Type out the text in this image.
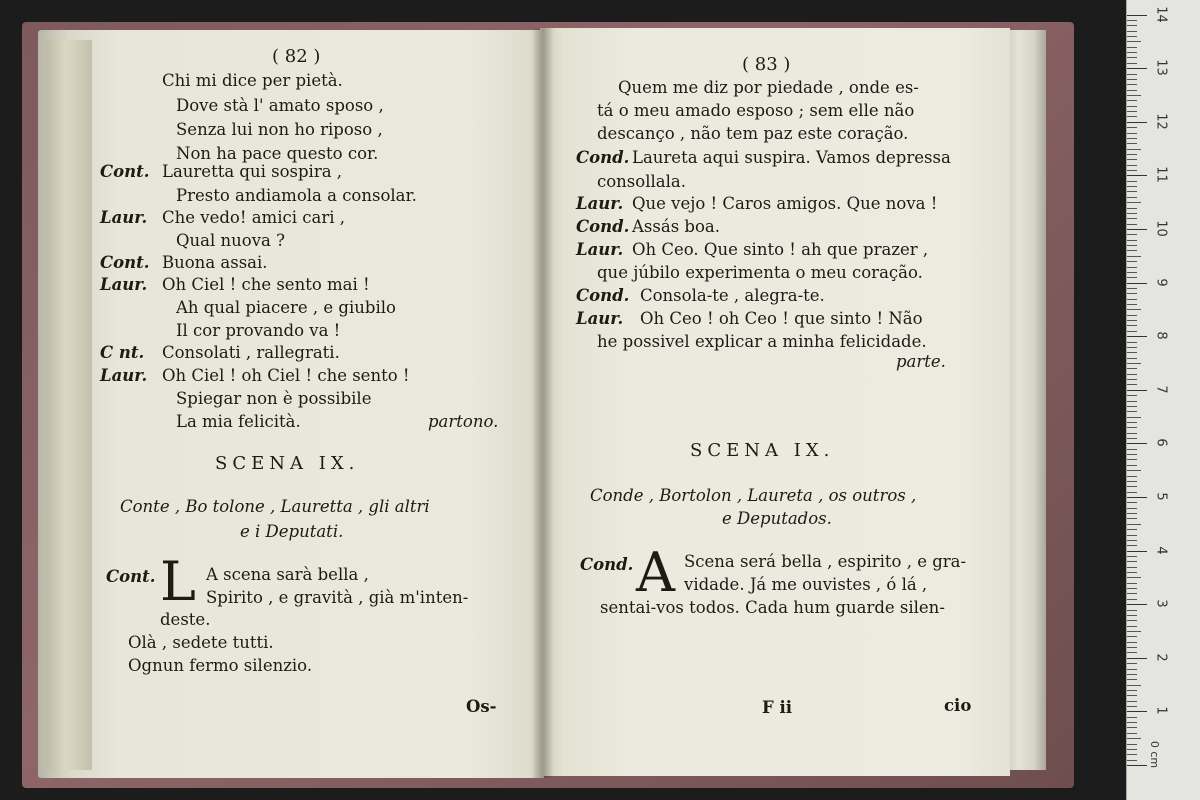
( 82 )
Chi mi dice per pietà.
Dove stà l' amato sposo ,
Senza lui non ho riposo ,
Non ha pace questo cor.
Cont. Lauretta qui sospira ,
Presto andiamola a consolar.
Laur. Che vedo! amici cari ,
Qual nuova ?
Cont. Buona assai.
Laur. Oh Ciel ! che sento mai !
Ah qual piacere , e giubilo
Il cor provando va !
C nt. Consolati , rallegrati.
Laur. Oh Ciel ! oh Ciel ! che sento !
Spiegar non è possibile
La mia felicità.	partono.
SCENA IX.
Conte , Bo tolone , Lauretta , gli altri
e i Deputati.
Cont. L A scena sarà bella ,
Spirito , e gravità , già m'inten-
deste.
Olà , sedete tutti.
Ognun fermo silenzio.
Os-
( 83 )
Quem me diz por piedade , onde es-
tá o meu amado esposo ; sem elle não
descanço , não tem paz este coração.
Cond. Laureta aqui suspira. Vamos depressa
consollala.
Laur. Que vejo ! Caros amigos. Que nova !
Cond. Assás boa.
Laur. Oh Ceo. Que sinto ! ah que prazer ,
que júbilo experimenta o meu coração.
Cond. Consola-te , alegra-te.
Laur. Oh Ceo ! oh Ceo ! que sinto ! Não
he possivel explicar a minha felicidade.
parte.
SCENA IX.
Conde , Bortolon , Laureta , os outros ,
e Deputados.
Cond. A Scena será bella , espirito , e gra-
vidade. Já me ouvistes , ó lá ,
sentai-vos todos. Cada hum guarde silen-
F ii	cio
0 cm
1
2
3
4
5
6
7
8
9
10
11
12
13
14
